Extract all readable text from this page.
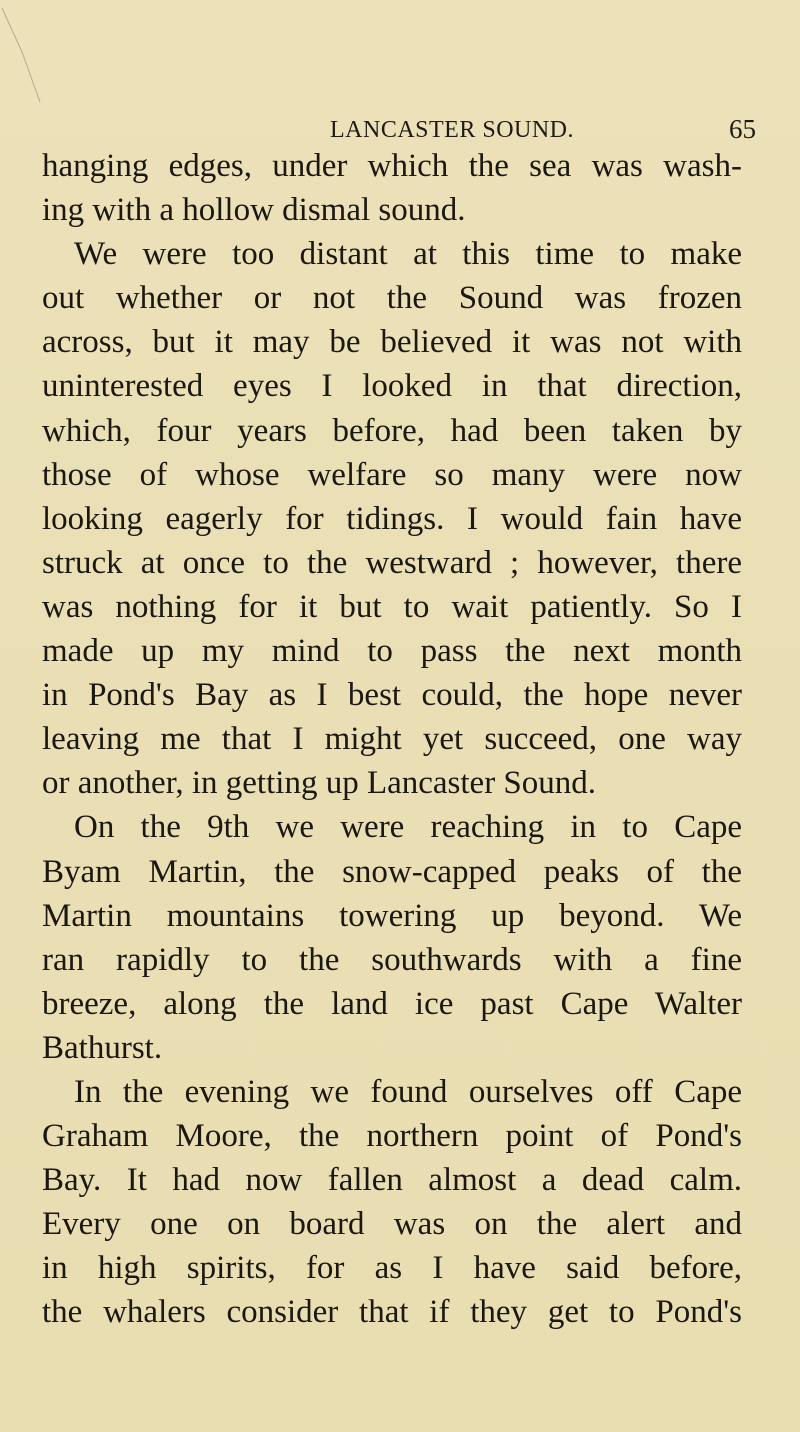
LANCASTER SOUND.	65
hanging edges, under which the sea was wash-
ing with a hollow dismal sound.
We were too distant at this time to make
out whether or not the Sound was frozen
across, but it may be believed it was not with
uninterested eyes I looked in that direction,
which, four years before, had been taken by
those of whose welfare so many were now
looking eagerly for tidings. I would fain have
struck at once to the westward ; however, there
was nothing for it but to wait patiently. So I
made up my mind to pass the next month
in Pond's Bay as I best could, the hope never
leaving me that I might yet succeed, one way
or another, in getting up Lancaster Sound.
On the 9th we were reaching in to Cape
Byam Martin, the snow-capped peaks of the
Martin mountains towering up beyond. We
ran rapidly to the southwards with a fine
breeze, along the land ice past Cape Walter
Bathurst.
In the evening we found ourselves off Cape
Graham Moore, the northern point of Pond's
Bay. It had now fallen almost a dead calm.
Every one on board was on the alert and
in high spirits, for as I have said before,
the whalers consider that if they get to Pond's
